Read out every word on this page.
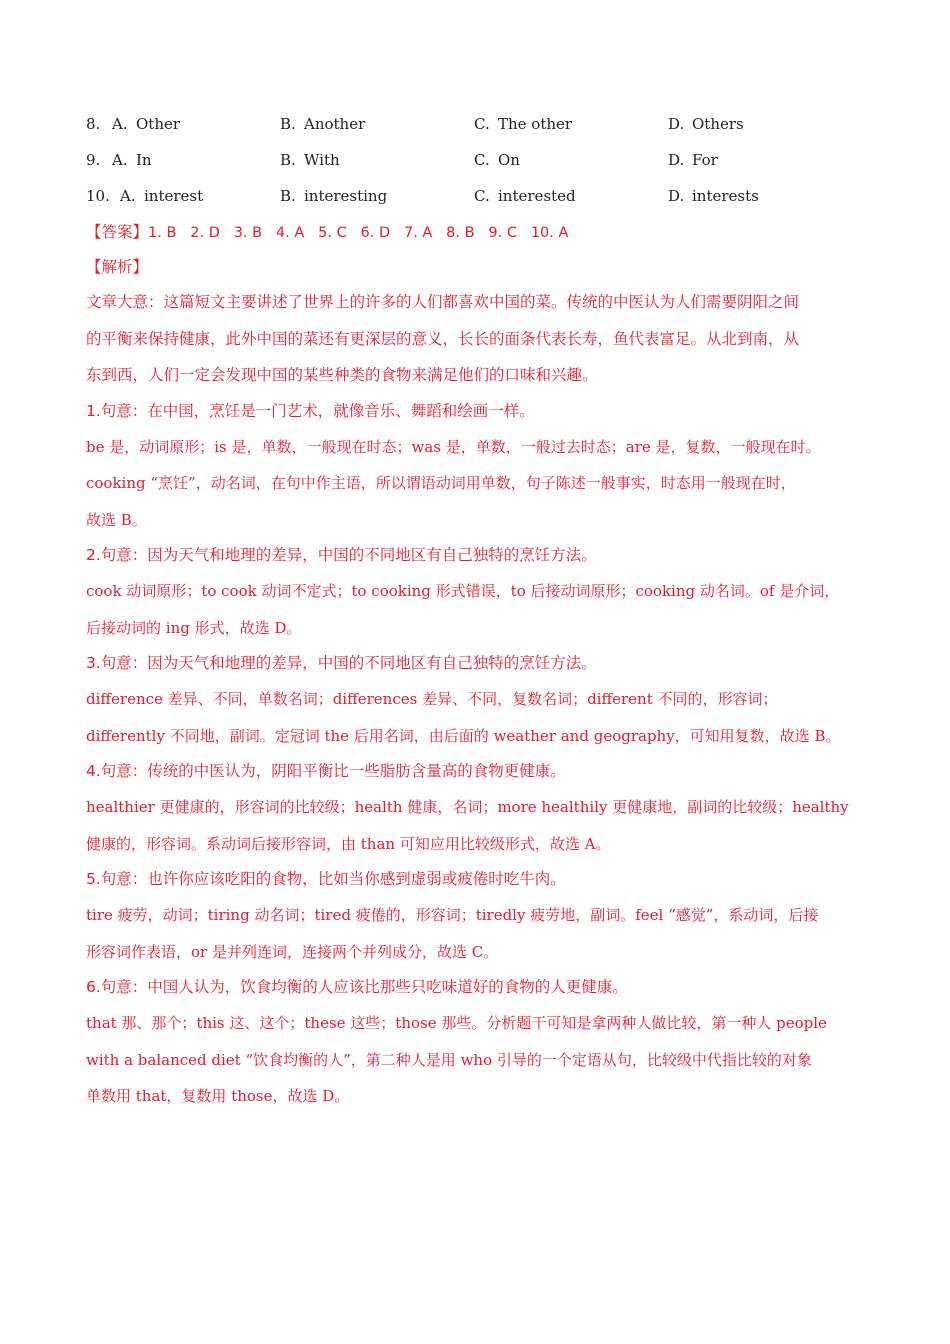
8. A. Other	B. Another	C. The other	D. Others
9. A. In	B. With	C. On	D. For
10. A. interest	B. interesting	C. interested	D. interests
【答案】1. B 2. D 3. B 4. A 5. C 6. D 7. A 8. B 9. C 10. A
【解析】

文章大意：这篇短文主要讲述了世界上的许多的人们都喜欢中国的菜。传统的中医认为人们需要阴阳之间

的平衡来保持健康，此外中国的菜还有更深层的意义，长长的面条代表长寿，鱼代表富足。从北到南，从

东到西，人们一定会发现中国的某些种类的食物来满足他们的口味和兴趣。

1.句意：在中国，烹饪是一门艺术，就像音乐、舞蹈和绘画一样。

be 是，动词原形；is 是，单数，一般现在时态；was 是，单数，一般过去时态；are 是，复数，一般现在时。

cooking “烹饪”，动名词，在句中作主语，所以谓语动词用单数，句子陈述一般事实，时态用一般现在时，

故选 B。

2.句意：因为天气和地理的差异，中国的不同地区有自己独特的烹饪方法。

cook 动词原形；to cook 动词不定式；to cooking 形式错误，to 后接动词原形；cooking 动名词。of 是介词，

后接动词的 ing 形式，故选 D。

3.句意：因为天气和地理的差异，中国的不同地区有自己独特的烹饪方法。

difference 差异、不同，单数名词；differences 差异、不同，复数名词；different 不同的，形容词；

differently 不同地，副词。定冠词 the 后用名词，由后面的 weather and geography，可知用复数，故选 B。

4.句意：传统的中医认为，阴阳平衡比一些脂肪含量高的食物更健康。

healthier 更健康的，形容词的比较级；health 健康，名词；more healthily 更健康地，副词的比较级；healthy

健康的，形容词。系动词后接形容词，由 than 可知应用比较级形式，故选 A。

5.句意：也许你应该吃阳的食物，比如当你感到虚弱或疲倦时吃牛肉。

tire 疲劳，动词；tiring 动名词；tired 疲倦的，形容词；tiredly 疲劳地，副词。feel “感觉”，系动词，后接

形容词作表语，or 是并列连词，连接两个并列成分，故选 C。

6.句意：中国人认为，饮食均衡的人应该比那些只吃味道好的食物的人更健康。

that 那、那个；this 这、这个；these 这些；those 那些。分析题干可知是拿两种人做比较，第一种人 people

with a balanced diet “饮食均衡的人”，第二种人是用 who 引导的一个定语从句，比较级中代指比较的对象

单数用 that，复数用 those，故选 D。
